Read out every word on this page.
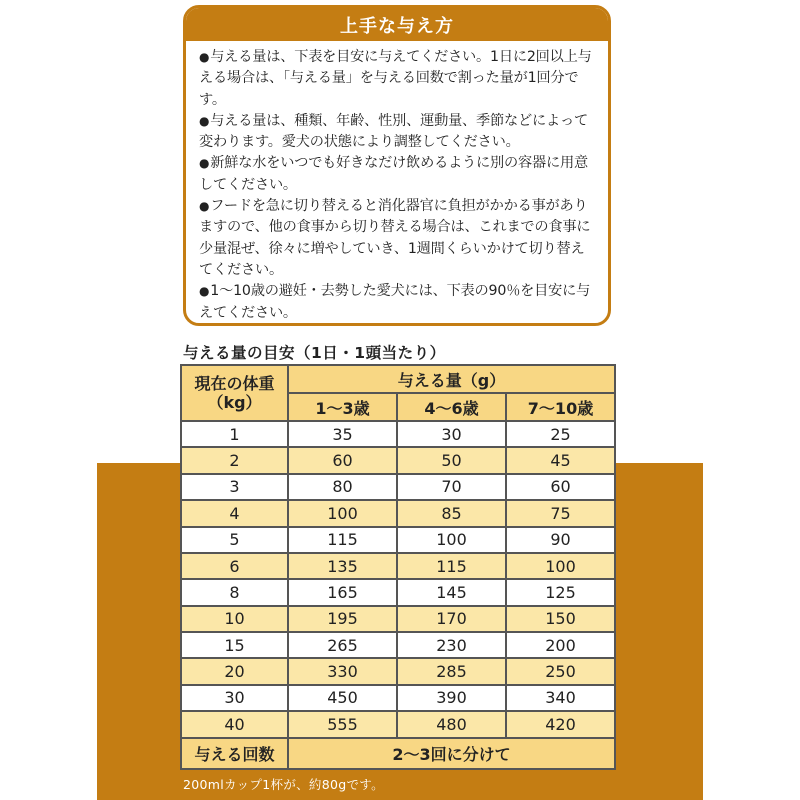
上手な与え方
●与える量は、下表を目安に与えてください。1日に2回以上与える場合は、「与える量」を与える回数で割った量が1回分です。
●与える量は、種類、年齢、性別、運動量、季節などによって変わります。愛犬の状態により調整してください。
●新鮮な水をいつでも好きなだけ飲めるように別の容器に用意してください。
●フードを急に切り替えると消化器官に負担がかかる事がありますので、他の食事から切り替える場合は、これまでの食事に少量混ぜ、徐々に増やしていき、1週間くらいかけて切り替えてください。
●1～10歳の避妊・去勢した愛犬には、下表の90％を目安に与えてください。
与える量の目安（1日・1頭当たり）
現在の体重
（kg）	与える量（g）		
	1～3歳	4～6歳	7～10歳
1	35	30	25
2	60	50	45
3	80	70	60
4	100	85	75
5	115	100	90
6	135	115	100
8	165	145	125
10	195	170	150
15	265	230	200
20	330	285	250
30	450	390	340
40	555	480	420
与える回数	2～3回に分けて		
200mlカップ1杯が、約80gです。
